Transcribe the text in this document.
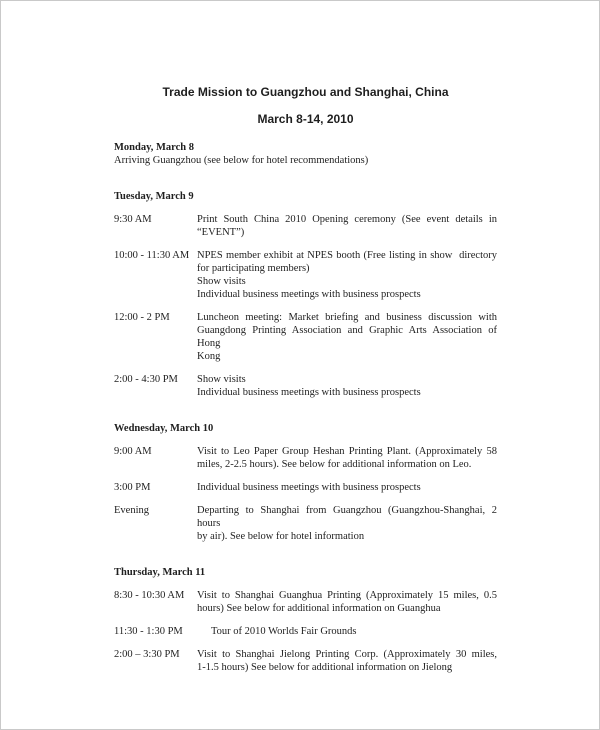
Trade Mission to Guangzhou and Shanghai, China
March 8-14, 2010
Monday, March 8
Arriving Guangzhou (see below for hotel recommendations)
Tuesday, March 9
9:30 AM	Print South China 2010 Opening ceremony (See event details in
“EVENT”)
10:00 - 11:30 AM NPES member exhibit at NPES booth (Free listing in show  directory
for participating members)
Show visits
Individual business meetings with business prospects
12:00 - 2 PM	Luncheon meeting: Market briefing and business discussion with
Guangdong Printing Association and Graphic Arts Association of Hong
Kong
2:00 - 4:30 PM	Show visits
Individual business meetings with business prospects
Wednesday, March 10
9:00 AM	Visit to Leo Paper Group Heshan Printing Plant. (Approximately 58
miles, 2-2.5 hours). See below for additional information on Leo.
3:00 PM	Individual business meetings with business prospects
Evening	Departing to Shanghai from Guangzhou (Guangzhou-Shanghai, 2 hours
by air). See below for hotel information
Thursday, March 11
8:30 - 10:30 AM	Visit to Shanghai Guanghua Printing (Approximately 15 miles, 0.5
hours) See below for additional information on Guanghua
11:30 - 1:30 PM	Tour of 2010 Worlds Fair Grounds
2:00 – 3:30 PM	Visit to Shanghai Jielong Printing Corp. (Approximately 30 miles,
1-1.5 hours) See below for additional information on Jielong
